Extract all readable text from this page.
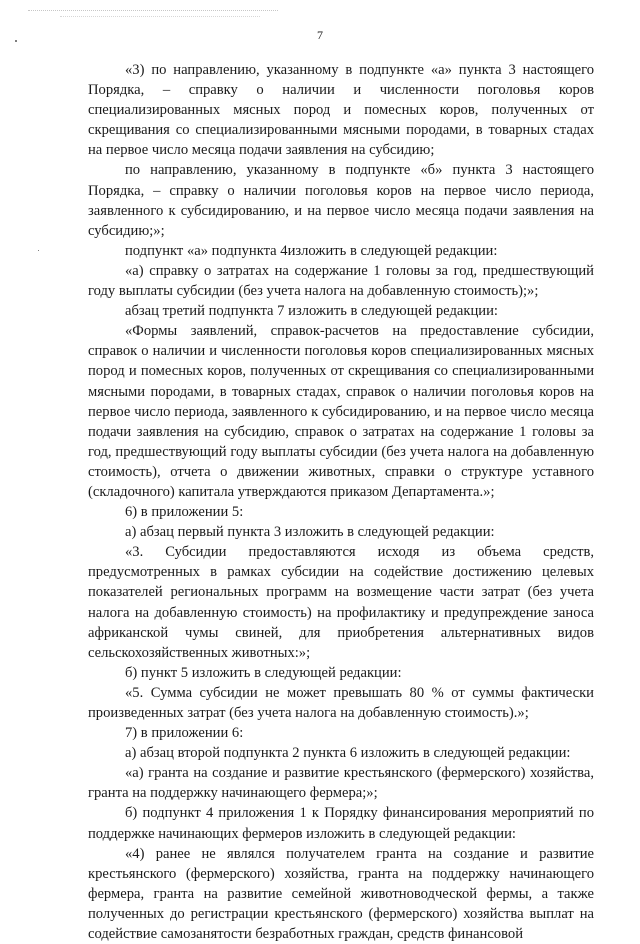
7

«3) по направлению, указанному в подпункте «а» пункта 3 настоящего Порядка, – справку о наличии и численности поголовья коров специализированных мясных пород и помесных коров, полученных от скрещивания со специализированными мясными породами, в товарных стадах на первое число месяца подачи заявления на субсидию;

по направлению, указанному в подпункте «б» пункта 3 настоящего Порядка, – справку о наличии поголовья коров на первое число периода, заявленного к субсидированию, и на первое число месяца подачи заявления на субсидию;»;

подпункт «а» подпункта 4изложить в следующей редакции:

«а) справку о затратах на содержание 1 головы за год, предшествующий году выплаты субсидии (без учета налога на добавленную стоимость);»;

абзац третий подпункта 7 изложить в следующей редакции:

«Формы заявлений, справок-расчетов на предоставление субсидии, справок о наличии и численности поголовья коров специализированных мясных пород и помесных коров, полученных от скрещивания со специализированными мясными породами, в товарных стадах, справок о наличии поголовья коров на первое число периода, заявленного к субсидированию, и на первое число месяца подачи заявления на субсидию, справок о затратах на содержание 1 головы за год, предшествующий году выплаты субсидии (без учета налога на добавленную стоимость), отчета о движении животных, справки о структуре уставного (складочного) капитала утверждаются приказом Департамента.»;

6) в приложении 5:

а) абзац первый пункта 3 изложить в следующей редакции:

«3. Субсидии предоставляются исходя из объема средств, предусмотренных в рамках субсидии на содействие достижению целевых показателей региональных программ на возмещение части затрат (без учета налога на добавленную стоимость) на профилактику и предупреждение заноса африканской чумы свиней, для приобретения альтернативных видов сельскохозяйственных животных:»;

б) пункт 5 изложить в следующей редакции:

«5. Сумма субсидии не может превышать 80 % от суммы фактически произведенных затрат (без учета налога на добавленную стоимость).»;

7) в приложении 6:

а) абзац второй подпункта 2 пункта 6 изложить в следующей редакции:

«а) гранта на создание и развитие крестьянского (фермерского) хозяйства, гранта на поддержку начинающего фермера;»;

б) подпункт 4 приложения 1 к Порядку финансирования мероприятий по поддержке начинающих фермеров изложить в следующей редакции:

«4) ранее не являлся получателем гранта на создание и развитие крестьянского (фермерского) хозяйства, гранта на поддержку начинающего фермера, гранта на развитие семейной животноводческой фермы, а также полученных до регистрации крестьянского (фермерского) хозяйства выплат на содействие самозанятости безработных граждан, средств финансовой
